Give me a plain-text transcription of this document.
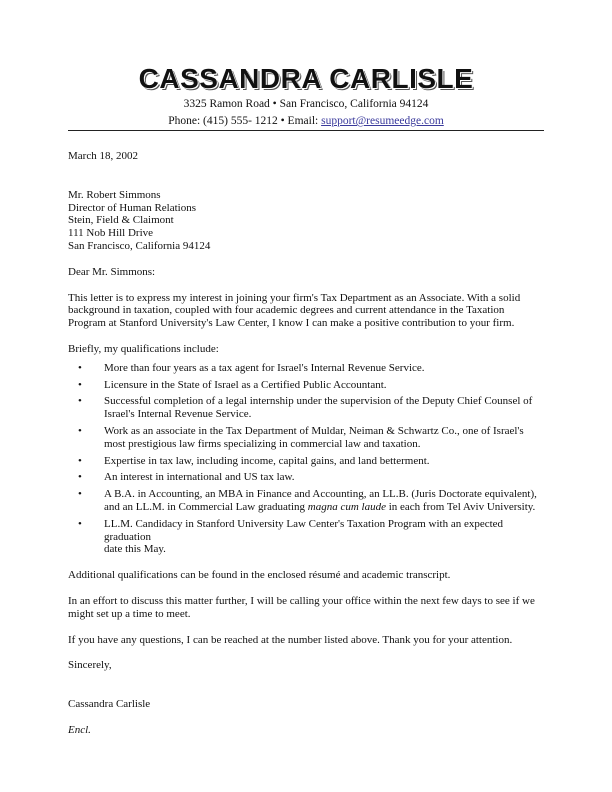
CASSANDRA CARLISLE
3325 Ramon Road • San Francisco, California 94124
Phone: (415) 555- 1212 • Email: support@resumeedge.com

March 18, 2002

Mr. Robert Simmons
Director of Human Relations
Stein, Field & Claimont
111 Nob Hill Drive
San Francisco, California 94124

Dear Mr. Simmons:

This letter is to express my interest in joining your firm's Tax Department as an Associate. With a solid
background in taxation, coupled with four academic degrees and current attendance in the Taxation
Program at Stanford University's Law Center, I know I can make a positive contribution to your firm.

Briefly, my qualifications include:

• More than four years as a tax agent for Israel's Internal Revenue Service.
• Licensure in the State of Israel as a Certified Public Accountant.
• Successful completion of a legal internship under the supervision of the Deputy Chief Counsel of
Israel's Internal Revenue Service.
• Work as an associate in the Tax Department of Muldar, Neiman & Schwartz Co., one of Israel's
most prestigious law firms specializing in commercial law and taxation.
• Expertise in tax law, including income, capital gains, and land betterment.
• An interest in international and US tax law.
• A B.A. in Accounting, an MBA in Finance and Accounting, an LL.B. (Juris Doctorate equivalent),
and an LL.M. in Commercial Law graduating magna cum laude in each from Tel Aviv University.
• LL.M. Candidacy in Stanford University Law Center's Taxation Program with an expected graduation
date this May.

Additional qualifications can be found in the enclosed résumé and academic transcript.

In an effort to discuss this matter further, I will be calling your office within the next few days to see if we
might set up a time to meet.

If you have any questions, I can be reached at the number listed above. Thank you for your attention.

Sincerely,

Cassandra Carlisle

Encl.
